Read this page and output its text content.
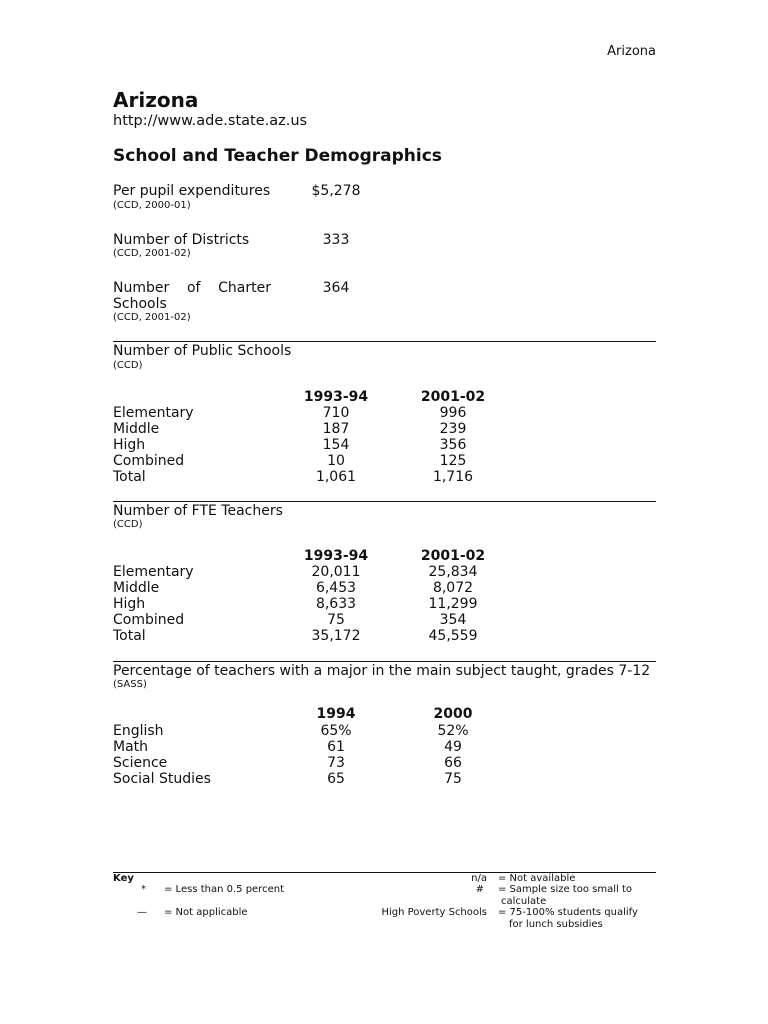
Arizona
Arizona
http://www.ade.state.az.us
School and Teacher Demographics
Per pupil expenditures	$5,278
(CCD, 2000-01)
Number of Districts	333
(CCD, 2001-02)
Number of Charter
Schools
364
(CCD, 2001-02)
Number of Public Schools
(CCD)
1993-94	2001-02
Elementary	710	996
Middle	187	239
High	154	356
Combined	10	125
Total	1,061	1,716
Number of FTE Teachers
(CCD)
1993-94	2001-02
Elementary	20,011	25,834
Middle	6,453	8,072
High	8,633	11,299
Combined	75	354
Total	35,172	45,559
Percentage of teachers with a major in the main subject taught, grades 7-12
(SASS)
1994	2000
English	65%	52%
Math	61	49
Science	73	66
Social Studies	65	75
Key
* = Less than 0.5 percent
— = Not applicable
n/a = Not available
# = Sample size too small to
calculate
High Poverty Schools = 75-100% students qualify
for lunch subsidies
